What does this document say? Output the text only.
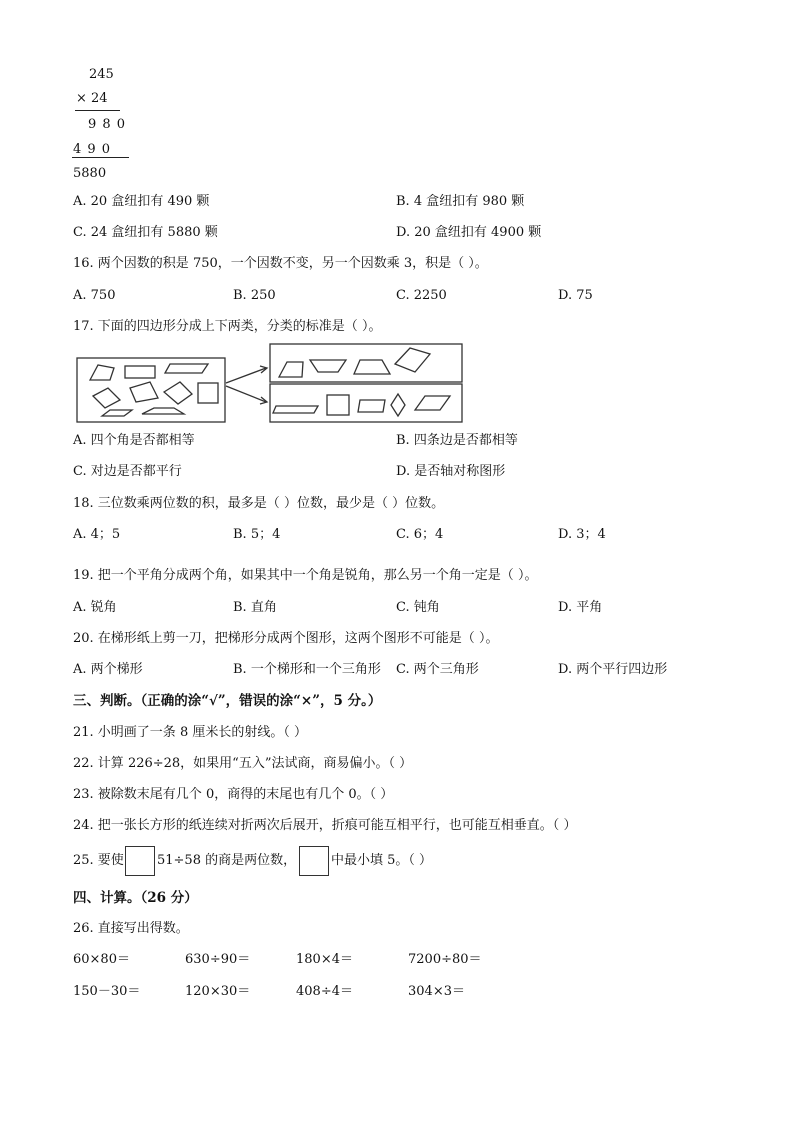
245
× 24
9 8 0
4 9 0
5880
A. 20 盒纽扣有 490 颗	B. 4 盒纽扣有 980 颗
C. 24 盒纽扣有 5880 颗	D. 20 盒纽扣有 4900 颗
16. 两个因数的积是 750，一个因数不变，另一个因数乘 3，积是（ ）。
A. 750	B. 250	C. 2250	D. 75
17. 下面的四边形分成上下两类，分类的标准是（ ）。
A. 四个角是否都相等	B. 四条边是否都相等
C. 对边是否都平行	D. 是否轴对称图形
18. 三位数乘两位数的积，最多是（ ）位数，最少是（ ）位数。
A. 4；5	B. 5；4	C. 6；4	D. 3；4
19. 把一个平角分成两个角，如果其中一个角是锐角，那么另一个角一定是（ ）。
A. 锐角	B. 直角	C. 钝角	D. 平角
20. 在梯形纸上剪一刀，把梯形分成两个图形，这两个图形不可能是（ ）。
A. 两个梯形	B. 一个梯形和一个三角形 C. 两个三角形	D. 两个平行四边形
三、判断。（正确的涂“√”，错误的涂“×”，5 分。）
21. 小明画了一条 8 厘米长的射线。（ ）
22. 计算 226÷28，如果用“五入”法试商，商易偏小。（ ）
23. 被除数末尾有几个 0，商得的末尾也有几个 0。（ ）
24. 把一张长方形的纸连续对折两次后展开，折痕可能互相平行，也可能互相垂直。（ ）
25. 要使	51÷58 的商是两位数，	中最小填 5。（ ）
四、计算。（26 分）
26. 直接写出得数。
60×80＝	630÷90＝	180×4＝	7200÷80＝
150－30＝	120×30＝	408÷4＝	304×3＝
